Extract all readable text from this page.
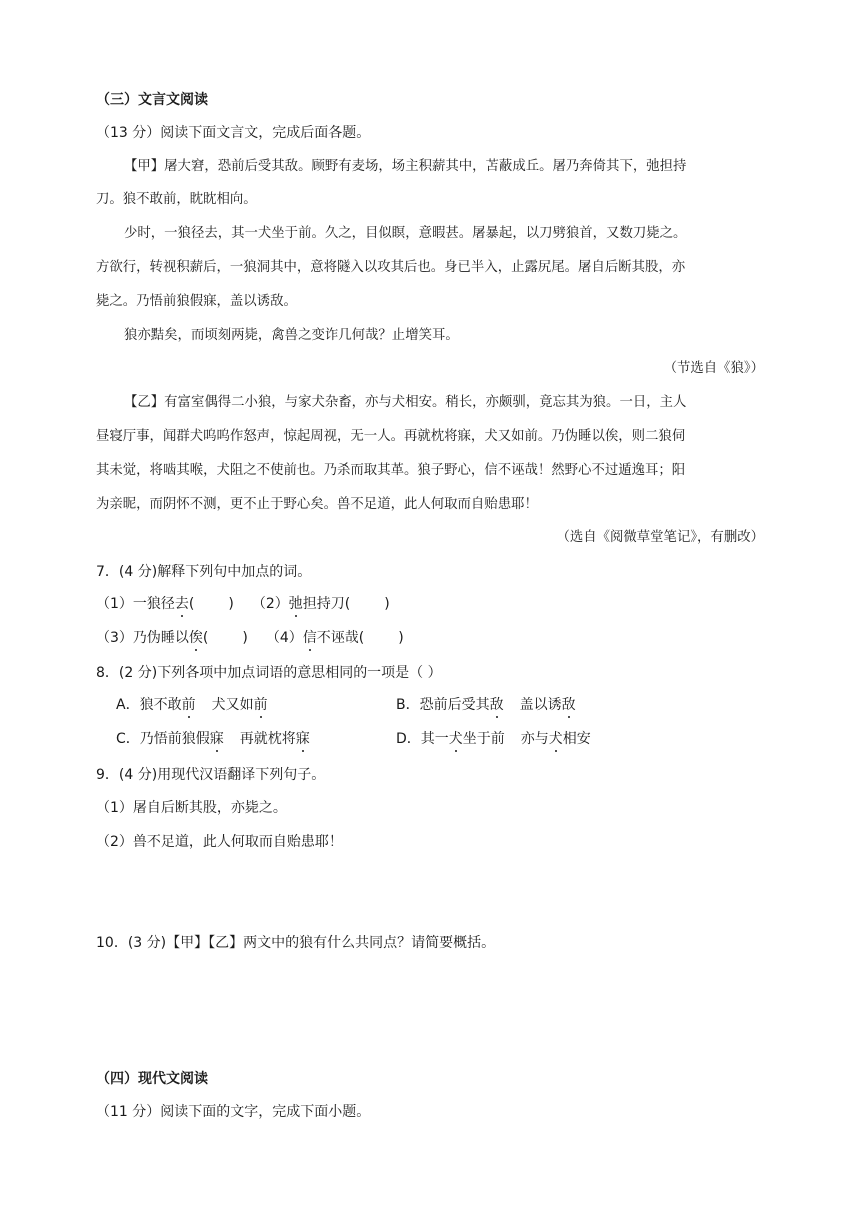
（三）文言文阅读
（13 分）阅读下面文言文，完成后面各题。
【甲】屠大窘，恐前后受其敌。顾野有麦场，场主积薪其中，苫蔽成丘。屠乃奔倚其下，弛担持
刀。狼不敢前，眈眈相向。
少时，一狼径去，其一犬坐于前。久之，目似瞑，意暇甚。屠暴起，以刀劈狼首，又数刀毙之。
方欲行，转视积薪后，一狼洞其中，意将隧入以攻其后也。身已半入，止露尻尾。屠自后断其股，亦
毙之。乃悟前狼假寐，盖以诱敌。
狼亦黠矣，而顷刻两毙，禽兽之变诈几何哉？止增笑耳。
（节选自《狼》）
【乙】有富室偶得二小狼，与家犬杂畜，亦与犬相安。稍长，亦颇驯，竟忘其为狼。一日，主人
昼寝厅事，闻群犬呜呜作怒声，惊起周视，无一人。再就枕将寐，犬又如前。乃伪睡以俟，则二狼伺
其未觉，将啮其喉，犬阻之不使前也。乃杀而取其革。狼子野心，信不诬哉！然野心不过遁逸耳；阳
为亲昵，而阴怀不测，更不止于野心矣。兽不足道，此人何取而自贻患耶！
（选自《阅微草堂笔记》，有删改）
7．(4 分)解释下列句中加点的词。
（1）一狼径去( ) （2）弛担持刀( )
（3）乃伪睡以俟( ) （4）信不诬哉( )
8．(2 分)下列各项中加点词语的意思相同的一项是（ ）
A．狼不敢前 犬又如前	B．恐前后受其敌 盖以诱敌
C．乃悟前狼假寐 再就枕将寐	D．其一犬坐于前 亦与犬相安
9．(4 分)用现代汉语翻译下列句子。
（1）屠自后断其股，亦毙之。
（2）兽不足道，此人何取而自贻患耶！
10．(3 分)【甲】【乙】两文中的狼有什么共同点？请简要概括。
（四）现代文阅读
（11 分）阅读下面的文字，完成下面小题。
